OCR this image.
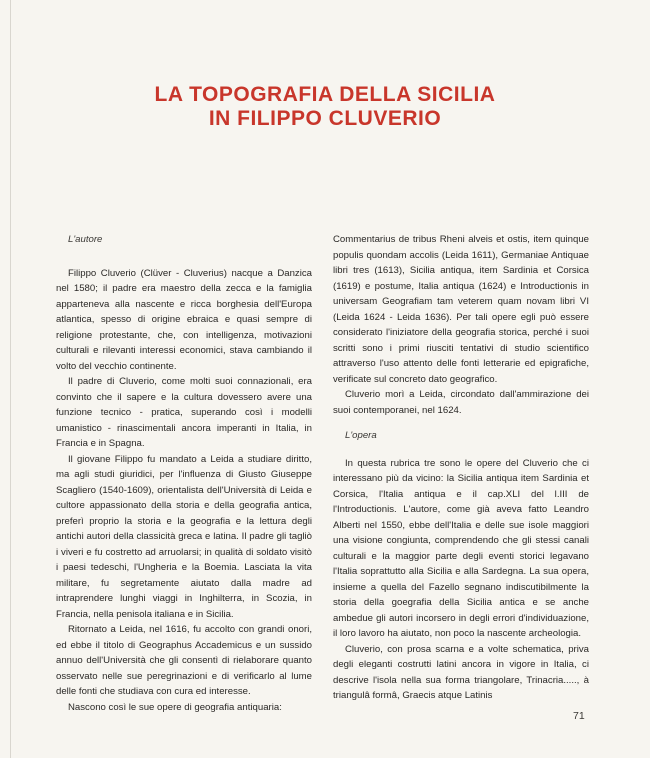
LA TOPOGRAFIA DELLA SICILIA
IN FILIPPO CLUVERIO

L'autore

Filippo Cluverio (Clüver - Cluverius) nacque a Danzica nel 1580; il padre era maestro della zecca e la famiglia apparteneva alla nascente e ricca borghesia dell'Europa atlantica, spesso di origine ebraica e quasi sempre di religione protestante, che, con intelligenza, motivazioni culturali e rilevanti interessi economici, stava cambiando il volto del vecchio continente.

Il padre di Cluverio, come molti suoi connazionali, era convinto che il sapere e la cultura dovessero avere una funzione tecnico - pratica, superando così i modelli umanistico - rinascimentali ancora imperanti in Italia, in Francia e in Spagna.

Il giovane Filippo fu mandato a Leida a studiare diritto, ma agli studi giuridici, per l'influenza di Giusto Giuseppe Scagliero (1540-1609), orientalista dell'Università di Leida e cultore appassionato della storia e della geografia antica, preferì proprio la storia e la geografia e la lettura degli antichi autori della classicità greca e latina. Il padre gli tagliò i viveri e fu costretto ad arruolarsi; in qualità di soldato visitò i paesi tedeschi, l'Ungheria e la Boemia. Lasciata la vita militare, fu segretamente aiutato dalla madre ad intraprendere lunghi viaggi in Inghilterra, in Scozia, in Francia, nella penisola italiana e in Sicilia.

Ritornato a Leida, nel 1616, fu accolto con grandi onori, ed ebbe il titolo di Geographus Accademicus e un sussido annuo dell'Università che gli consentì di rielaborare quanto osservato nelle sue peregrinazioni e di verificarlo al lume delle fonti che studiava con cura ed interesse.

Nascono così le sue opere di geografia antiquaria:

Commentarius de tribus Rheni alveis et ostis, item quinque populis quondam accolis (Leida 1611), Germaniae Antiquae libri tres (1613), Sicilia antiqua, item Sardinia et Corsica (1619) e postume, Italia antiqua (1624) e Introductionis in universam Geografiam tam veterem quam novam libri VI (Leida 1624 - Leida 1636). Per tali opere egli può essere considerato l'iniziatore della geografia storica, perché i suoi scritti sono i primi riusciti tentativi di studio scientifico attraverso l'uso attento delle fonti letterarie ed epigrafiche, verificate sul concreto dato geografico.

Cluverio morì a Leida, circondato dall'ammirazione dei suoi contemporanei, nel 1624.

L'opera

In questa rubrica tre sono le opere del Cluverio che ci interessano più da vicino: la Sicilia antiqua item Sardinia et Corsica, l'Italia antiqua e il cap.XLI del l.III de l'Introductionis. L'autore, come già aveva fatto Leandro Alberti nel 1550, ebbe dell'Italia e delle sue isole maggiori una visione congiunta, comprendendo che gli stessi canali culturali e la maggior parte degli eventi storici legavano l'Italia soprattutto alla Sicilia e alla Sardegna. La sua opera, insieme a quella del Fazello segnano indiscutibilmente la storia della goegrafia della Sicilia antica e se anche ambedue gli autori incorsero in degli errori d'individuazione, il loro lavoro ha aiutato, non poco la nascente archeologia.

Cluverio, con prosa scarna e a volte schematica, priva degli eleganti costrutti latini ancora in vigore in Italia, ci descrive l'isola nella sua forma triangolare, Trinacria....., à triangulâ formâ, Graecis atque Latinis

71
